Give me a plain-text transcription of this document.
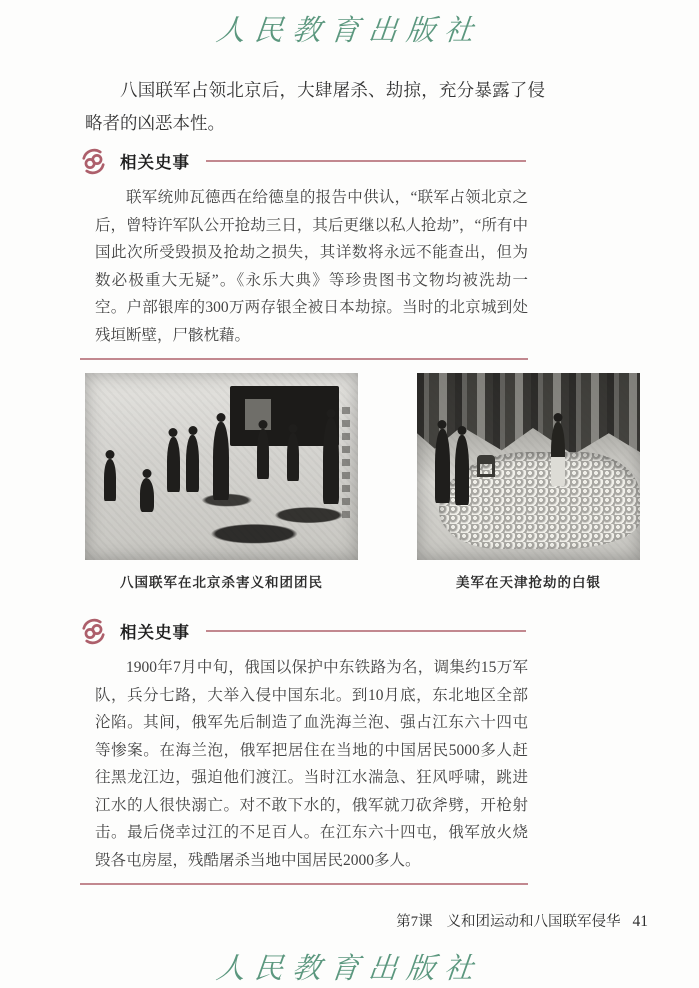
人民教育出版社

八国联军占领北京后，大肆屠杀、劫掠，充分暴露了侵略者的凶恶本性。

相关史事

联军统帅瓦德西在给德皇的报告中供认，“联军占领北京之后，曾特许军队公开抢劫三日，其后更继以私人抢劫”，“所有中国此次所受毁损及抢劫之损失，其详数将永远不能查出，但为数必极重大无疑”。《永乐大典》等珍贵图书文物均被洗劫一空。户部银库的300万两存银全被日本劫掠。当时的北京城到处残垣断壁，尸骸枕藉。

八国联军在北京杀害义和团团民	美军在天津抢劫的白银
相关史事

1900年7月中旬，俄国以保护中东铁路为名，调集约15万军队，兵分七路，大举入侵中国东北。到10月底，东北地区全部沦陷。其间，俄军先后制造了血洗海兰泡、强占江东六十四屯等惨案。在海兰泡，俄军把居住在当地的中国居民5000多人赶往黑龙江边，强迫他们渡江。当时江水湍急、狂风呼啸，跳进江水的人很快溺亡。对不敢下水的，俄军就刀砍斧劈，开枪射击。最后侥幸过江的不足百人。在江东六十四屯，俄军放火烧毁各屯房屋，残酷屠杀当地中国居民2000多人。

第7课 义和团运动和八国联军侵华 41
人民教育出版社
